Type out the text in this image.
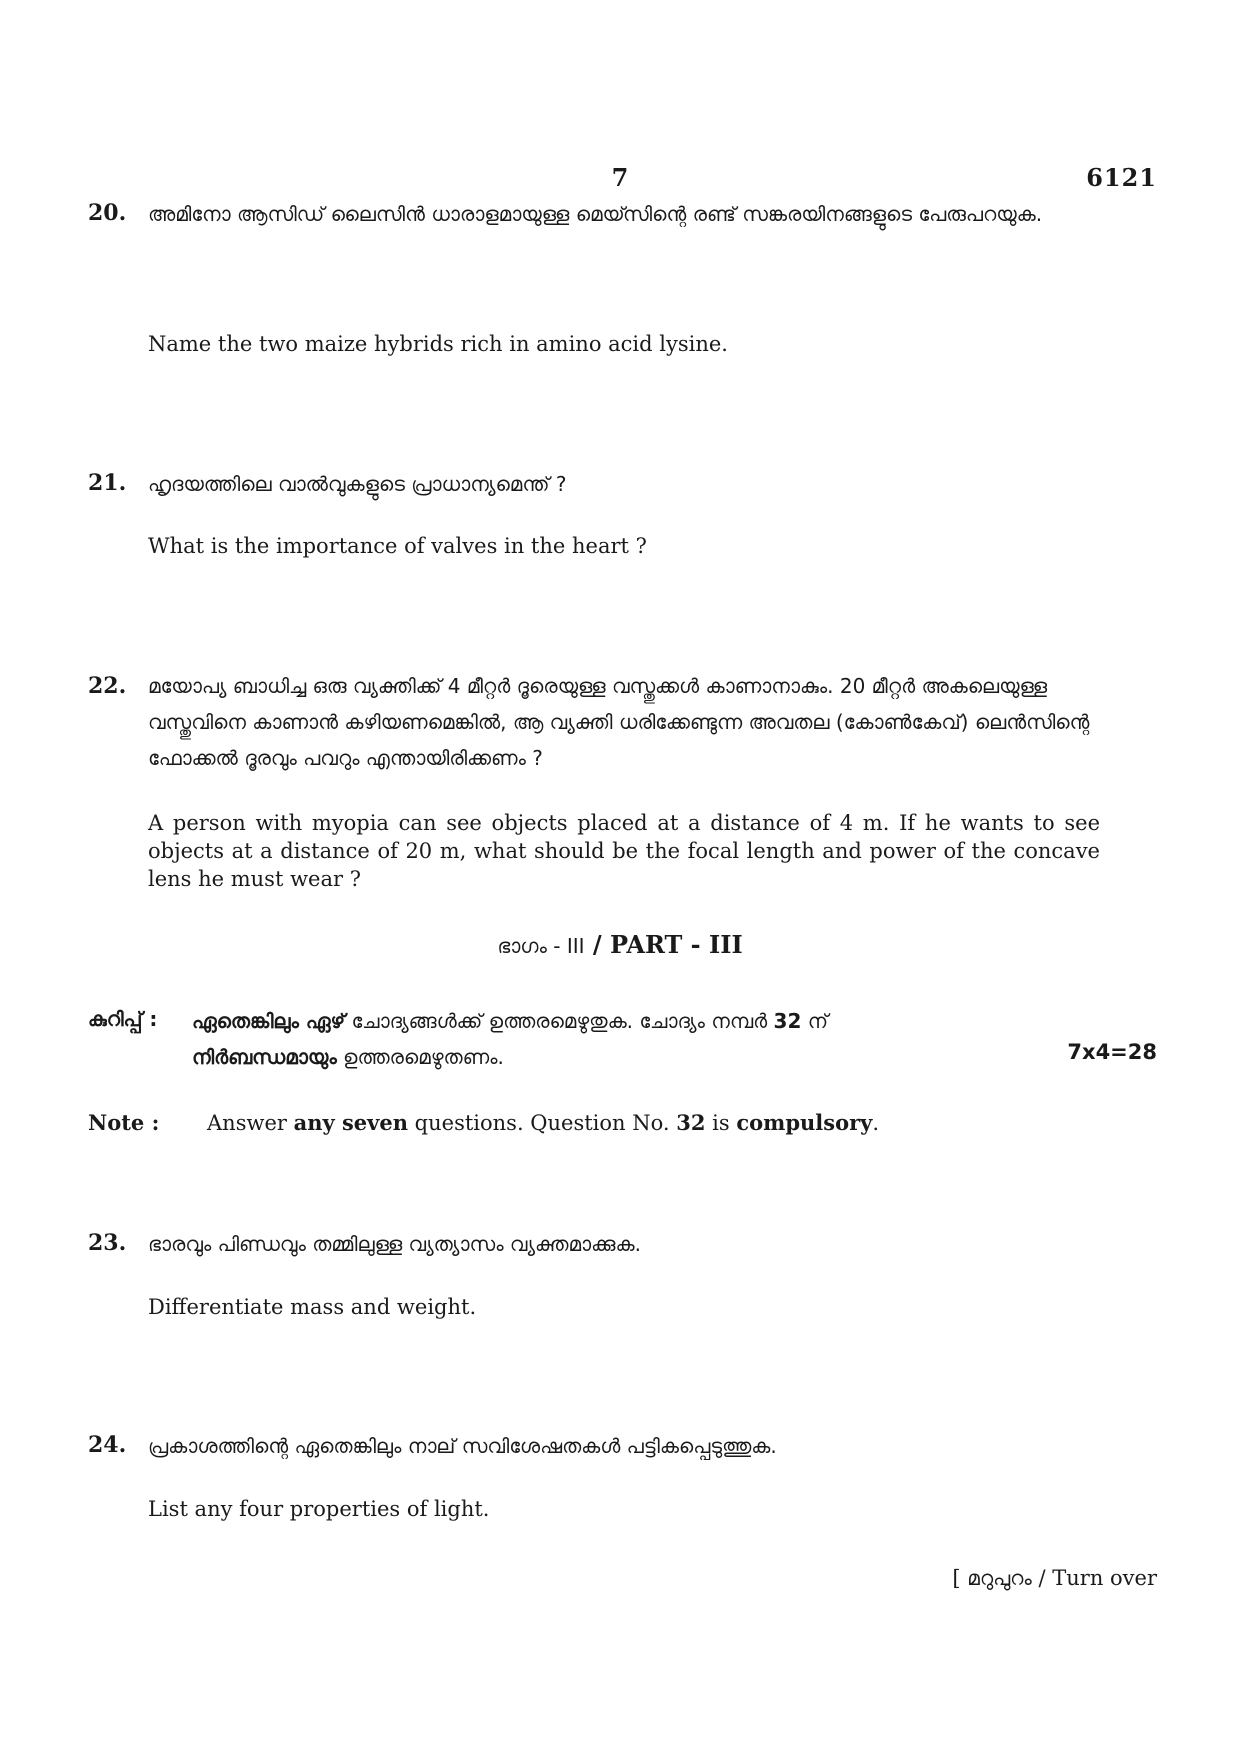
7	6121
20. അമിനോ ആസിഡ് ലൈസിൻ ധാരാളമായുള്ള മെയ്സിന്റെ രണ്ട് സങ്കരയിനങ്ങളുടെ പേരുപറയുക.
Name the two maize hybrids rich in amino acid lysine.
21. ഹൃദയത്തിലെ വാൽവുകളുടെ പ്രാധാന്യമെന്ത് ?
What is the importance of valves in the heart ?
22. മയോപ്യ ബാധിച്ച ഒരു വ്യക്തിക്ക് 4 മീറ്റർ ദൂരെയുള്ള വസ്തുക്കൾ കാണാനാകും. 20 മീറ്റർ അകലെയുള്ള വസ്തുവിനെ കാണാൻ കഴിയണമെങ്കിൽ, ആ വ്യക്തി ധരിക്കേണ്ടുന്ന അവതല (കോൺകേവ്) ലെൻസിന്റെ ഫോക്കൽ ദൂരവും പവറും എന്തായിരിക്കണം ?
A person with myopia can see objects placed at a distance of 4 m. If he wants to see objects at a distance of 20 m, what should be the focal length and power of the concave lens he must wear ?
ഭാഗം - III / PART - III
കുറിപ്പ് : ഏതെങ്കിലും ഏഴ് ചോദ്യങ്ങൾക്ക് ഉത്തരമെഴുതുക. ചോദ്യം നമ്പർ 32 ന്
നിർബന്ധമായും ഉത്തരമെഴുതണം.	7x4=28
Note : Answer any seven questions. Question No. 32 is compulsory.
23. ഭാരവും പിണ്ഡവും തമ്മിലുള്ള വ്യത്യാസം വ്യക്തമാക്കുക.
Differentiate mass and weight.
24. പ്രകാശത്തിന്റെ ഏതെങ്കിലും നാല് സവിശേഷതകൾ പട്ടികപ്പെടുത്തുക.
List any four properties of light.
[ മറുപുറം / Turn over
